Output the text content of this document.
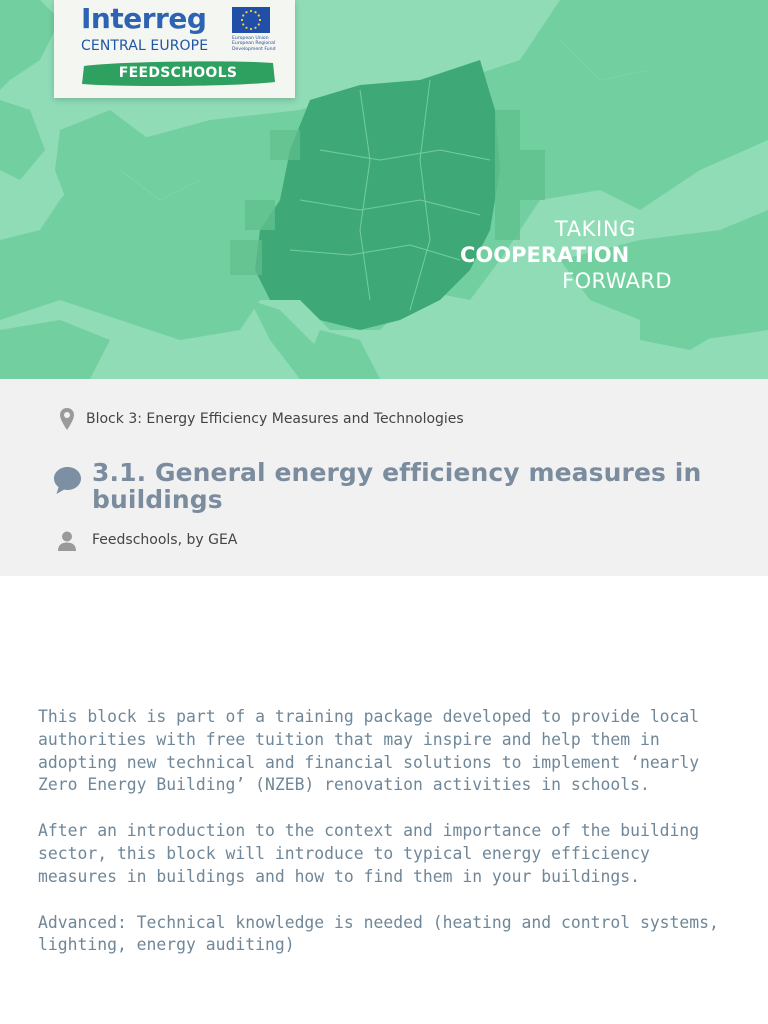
Interreg
CENTRAL EUROPE	European Union European Regional Development Fund
FEEDSCHOOLS
TAKING
COOPERATION
FORWARD
Block 3: Energy Efficiency Measures and Technologies
3.1. General energy efficiency measures in buildings
Feedschools, by GEA

This block is part of a training package developed to provide local authorities with free tuition that may inspire and help them in adopting new technical and financial solutions to implement ‘nearly Zero Energy Building’ (NZEB) renovation activities in schools.

After an introduction to the context and importance of the building sector, this block will introduce to typical energy efficiency measures in buildings and how to find them in your buildings.

Advanced: Technical knowledge is needed (heating and control systems, lighting, energy auditing)
